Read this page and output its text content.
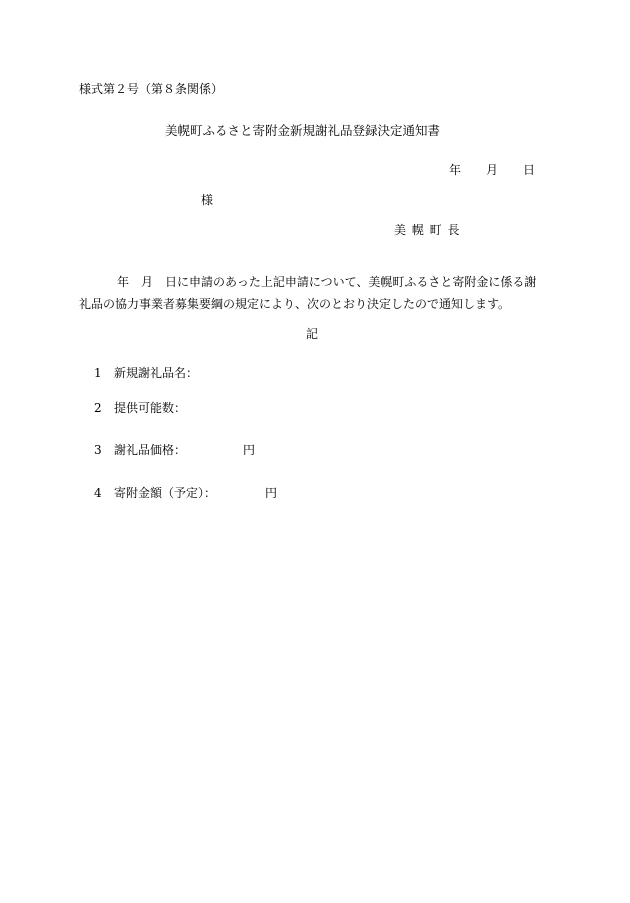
様式第２号（第８条関係）
美幌町ふるさと寄附金新規謝礼品登録決定通知書
年 月 日
様
美 幌 町 長
年　月　日に申請のあった上記申請について、美幌町ふるさと寄附金に係る謝
礼品の協力事業者募集要綱の規定により、次のとおり決定したので通知します。
記
1 新規謝礼品名：
2 提供可能数：
3 謝礼品価格：	円
4 寄附金額（予定）：	円
